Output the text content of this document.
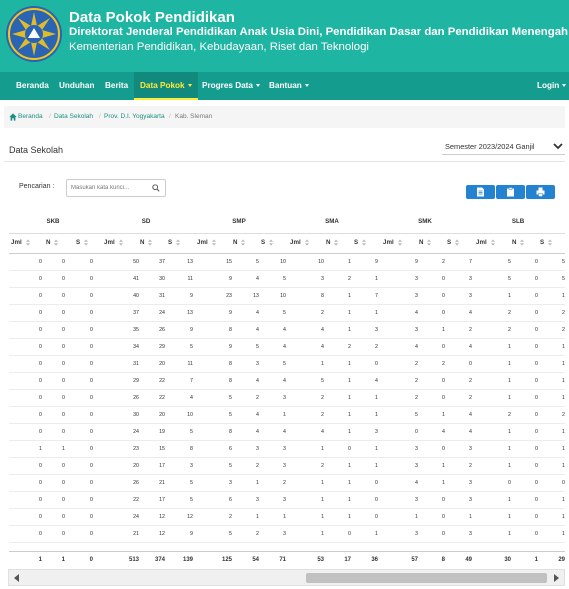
Data Pokok Pendidikan
Direktorat Jenderal Pendidikan Anak Usia Dini, Pendidikan Dasar dan Pendidikan Menengah
Kementerian Pendidikan, Kebudayaan, Riset dan Teknologi
Beranda Unduhan Berita	Data Pokok	Progres Data	Bantuan	Login
Beranda / Data Sekolah / Prov. D.I. Yogyakarta / Kab. Sleman
Data Sekolah	Semester 2023/2024 Ganjil
Pencarian :
Masukan kata kunci...
SKB	SD	SMP	SMA	SMK	SLB
Jml	N	S	Jml	N	S	Jml	N	S	Jml	N	S	Jml	N	S	Jml	N	S
0	0	0	50	37	13	15	5	10	10	1	9	9	2	7	5	0	5
0	0	0	41	30	11	9	4	5	3	2	1	3	0	3	5	0	5
0	0	0	40	31	9	23	13	10	8	1	7	3	0	3	1	0	1
0	0	0	37	24	13	9	4	5	2	1	1	4	0	4	2	0	2
0	0	0	35	26	9	8	4	4	4	1	3	3	1	2	2	0	2
0	0	0	34	29	5	9	5	4	4	2	2	4	0	4	1	0	1
0	0	0	31	20	11	8	3	5	1	1	0	2	2	0	1	0	1
0	0	0	29	22	7	8	4	4	5	1	4	2	0	2	1	0	1
0	0	0	26	22	4	5	2	3	2	1	1	2	0	2	1	0	1
0	0	0	30	20	10	5	4	1	2	1	1	5	1	4	2	0	2
0	0	0	24	19	5	8	4	4	4	1	3	0	4	4	1	0	1
1	1	0	23	15	8	6	3	3	1	0	1	3	0	3	1	0	1
0	0	0	20	17	3	5	2	3	2	1	1	3	1	2	1	0	1
0	0	0	26	21	5	3	1	2	1	1	0	4	1	3	0	0	0
0	0	0	22	17	5	6	3	3	1	1	0	3	0	3	1	0	1
0	0	0	24	12	12	2	1	1	1	1	0	1	0	1	1	0	1
0	0	0	21	12	9	5	2	3	1	0	1	3	0	3	1	0	1
1	1	0	513	374	139	125	54	71	53	17	36	57	8	49	30	1	29
